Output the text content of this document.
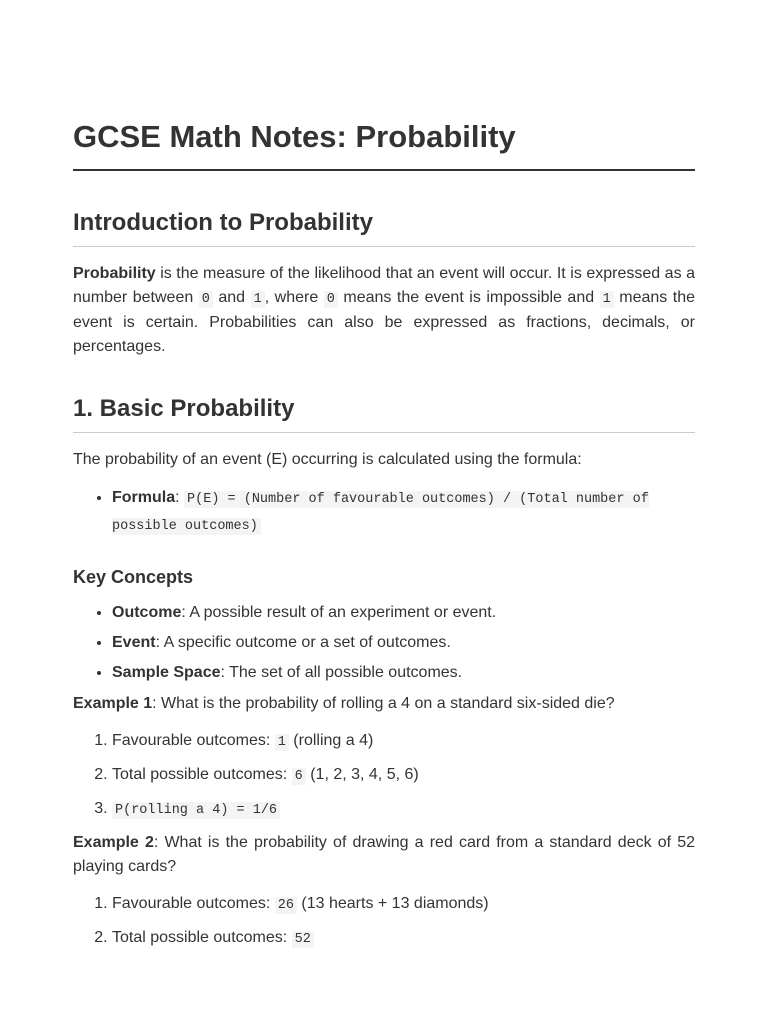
GCSE Math Notes: Probability
Introduction to Probability

Probability is the measure of the likelihood that an event will occur. It is expressed as a number between 0 and 1 , where 0 means the event is impossible and 1 means the event is certain. Probabilities can also be expressed as fractions, decimals, or percentages.

1. Basic Probability

The probability of an event (E) occurring is calculated using the formula:

• Formula: P(E) = (Number of favourable outcomes) / (Total number of possible outcomes)
Key Concepts
• Outcome: A possible result of an experiment or event.
• Event: A specific outcome or a set of outcomes.
• Sample Space: The set of all possible outcomes.

Example 1: What is the probability of rolling a 4 on a standard six-sided die?

1. Favourable outcomes: 1 (rolling a 4)
2. Total possible outcomes: 6 (1, 2, 3, 4, 5, 6)
3. P(rolling a 4) = 1/6

Example 2: What is the probability of drawing a red card from a standard deck of 52 playing cards?

1. Favourable outcomes: 26 (13 hearts + 13 diamonds)
2. Total possible outcomes: 52
